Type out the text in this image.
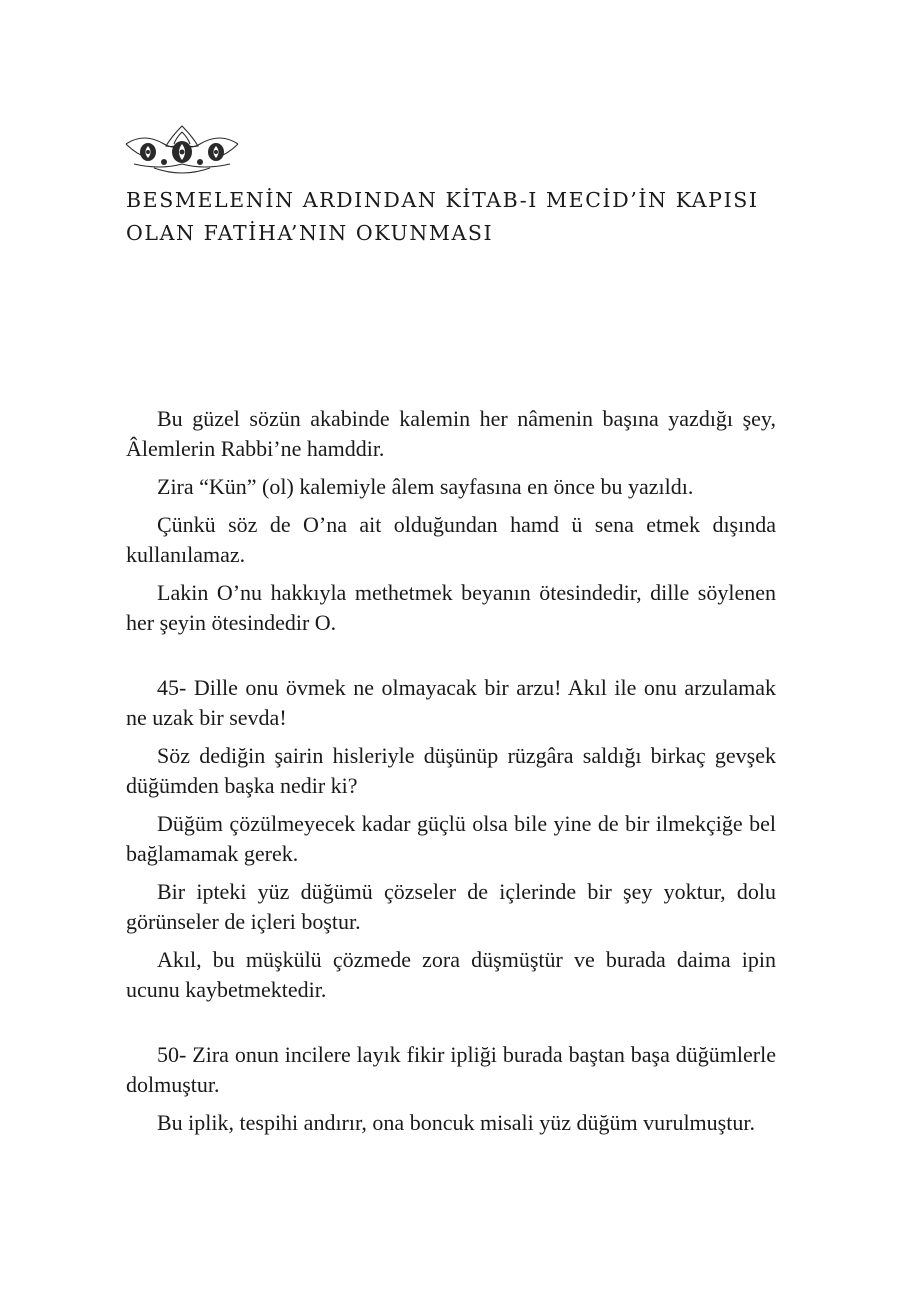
BESMELENİN ARDINDAN KİTAB-I MECİD’İN KAPISI
OLAN FATİHA’NIN OKUNMASI

Bu güzel sözün akabinde kalemin her nâmenin başına yazdığı şey, Âlemlerin Rabbi’ne hamddir.

Zira “Kün” (ol) kalemiyle âlem sayfasına en önce bu yazıldı.

Çünkü söz de O’na ait olduğundan hamd ü sena etmek dışında kullanılamaz.

Lakin O’nu hakkıyla methetmek beyanın ötesindedir, dille söylenen her şeyin ötesindedir O.

45- Dille onu övmek ne olmayacak bir arzu! Akıl ile onu arzulamak ne uzak bir sevda!

Söz dediğin şairin hisleriyle düşünüp rüzgâra saldığı birkaç gevşek düğümden başka nedir ki?

Düğüm çözülmeyecek kadar güçlü olsa bile yine de bir ilmekçiğe bel bağlamamak gerek.

Bir ipteki yüz düğümü çözseler de içlerinde bir şey yoktur, dolu görünseler de içleri boştur.

Akıl, bu müşkülü çözmede zora düşmüştür ve burada daima ipin ucunu kaybetmektedir.

50- Zira onun incilere layık fikir ipliği burada baştan başa düğümlerle dolmuştur.

Bu iplik, tespihi andırır, ona boncuk misali yüz düğüm vurulmuştur.
